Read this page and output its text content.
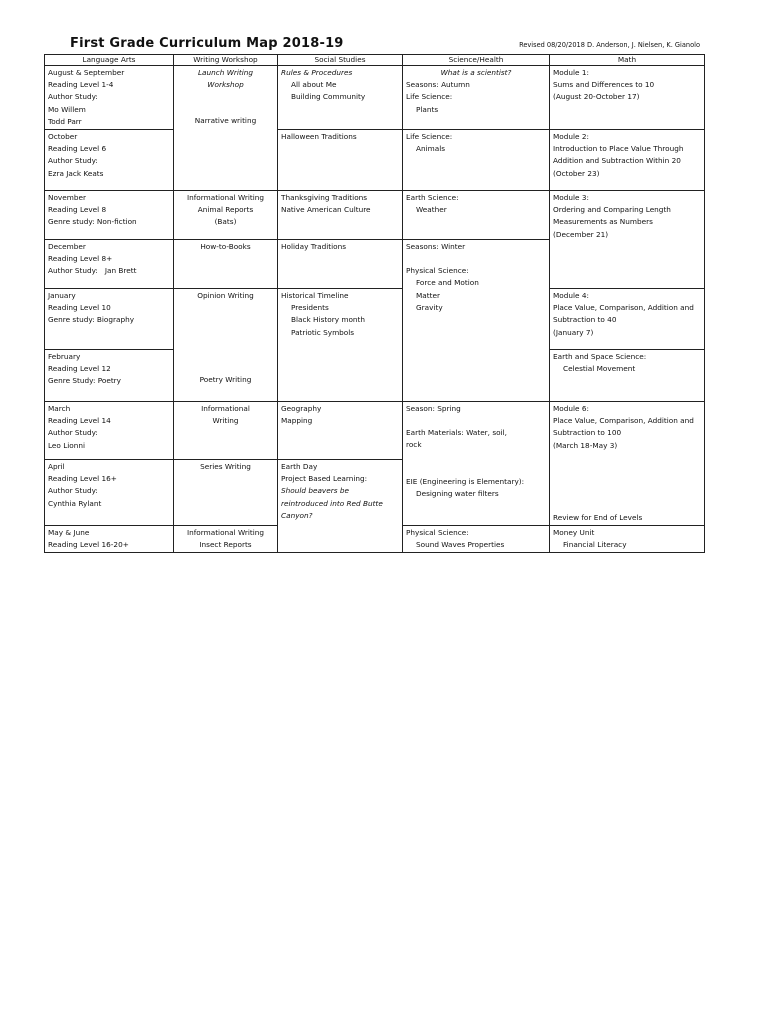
First Grade Curriculum Map 2018-19	Revised 08/20/2018 D. Anderson, J. Nielsen, K. Gianolo
Language Arts	Writing Workshop	Social Studies	Science/Health	Math	

August & September
Reading Level 1-4
Author Study:
Mo Willem
Todd Parr	Launch Writing
Workshop
Narrative writing	Rules & Procedures
All about Me
Building Community	What is a scientist?
Seasons: Autumn
Life Science:
Plants	Module 1:
Sums and Differences to 10
(August 20-October 17)	

October
Reading Level 6
Author Study:
Ezra Jack Keats		Halloween Traditions	Life Science:
Animals	Module 2:
Introduction to Place Value Through
Addition and Subtraction Within 20
(October 23)	

November
Reading Level 8
Genre study: Non-fiction	Informational Writing
Animal Reports
(Bats)	Thanksgiving Traditions
Native American Culture	Earth Science:
Weather	Module 3:
Ordering and Comparing Length
Measurements as Numbers
(December 21)	

December
Reading Level 8+
Author Study:   Jan Brett	How-to-Books	Holiday Traditions	Seasons: Winter
Physical Science:
Force and Motion
Matter
Gravity		

January
Reading Level 10
Genre study: Biography	Opinion Writing
Poetry Writing	Historical Timeline
Presidents
Black History month
Patriotic Symbols		Module 4:
Place Value, Comparison, Addition and
Subtraction to 40
(January 7)	

February
Reading Level 12
Genre Study: Poetry				Earth and Space Science:
Celestial Movement

March
Reading Level 14
Author Study:
Leo Lionni	Informational
Writing	Geography
Mapping	Season: Spring
Earth Materials: Water, soil,
rock
EIE (Engineering is Elementary):
Designing water filters	Module 6:
Place Value, Comparison, Addition and
Subtraction to 100
(March 18-May 3)
Review for End of Levels	

April
Reading Level 16+
Author Study:
Cynthia Rylant	Series Writing	Earth Day
Project Based Learning:
Should beavers be
reintroduced into Red Butte
Canyon?			

May & June
Reading Level 16-20+	Informational Writing
Insect Reports		Physical Science:
Sound Waves Properties	Money Unit
Financial Literacy	
